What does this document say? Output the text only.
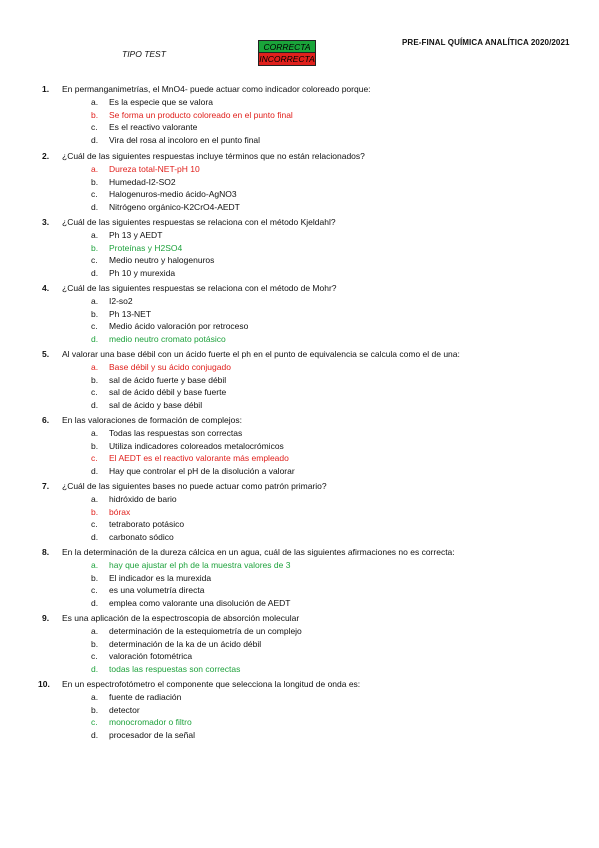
PRE-FINAL QUÍMICA ANALÍTICA 2020/2021
TIPO TEST
CORRECTA
INCORRECTA
1. En permanganimetrías, el MnO4- puede actuar como indicador coloreado porque:
a. Es la especie que se valora
b. Se forma un producto coloreado en el punto final
c. Es el reactivo valorante
d. Vira del rosa al incoloro en el punto final
2. ¿Cuál de las siguientes respuestas incluye términos que no están relacionados?
a. Dureza total-NET-pH 10
b. Humedad-I2-SO2
c. Halogenuros-medio ácido-AgNO3
d. Nitrógeno orgánico-K2CrO4-AEDT
3. ¿Cuál de las siguientes respuestas se relaciona con el método Kjeldahl?
a. Ph 13 y AEDT
b. Proteínas y H2SO4
c. Medio neutro y halogenuros
d. Ph 10 y murexida
4. ¿Cuál de las siguientes respuestas se relaciona con el método de Mohr?
a. I2-so2
b. Ph 13-NET
c. Medio ácido valoración por retroceso
d. medio neutro cromato potásico
5. Al valorar una base débil con un ácido fuerte el ph en el punto de equivalencia se calcula como el de una:
a. Base débil y su ácido conjugado
b. sal de ácido fuerte y base débil
c. sal de ácido débil y base fuerte
d. sal de ácido y base débil
6. En las valoraciones de formación de complejos:
a. Todas las respuestas son correctas
b. Utiliza indicadores coloreados metalocrómicos
c. El AEDT es el reactivo valorante más empleado
d. Hay que controlar el pH de la disolución a valorar
7. ¿Cuál de las siguientes bases no puede actuar como patrón primario?
a. hidróxido de bario
b. bórax
c. tetraborato potásico
d. carbonato sódico
8. En la determinación de la dureza cálcica en un agua, cuál de las siguientes afirmaciones no es correcta:
a. hay que ajustar el ph de la muestra valores de 3
b. El indicador es la murexida
c. es una volumetría directa
d. emplea como valorante una disolución de AEDT
9. Es una aplicación de la espectroscopia de absorción molecular
a. determinación de la estequiometría de un complejo
b. determinación de la ka de un ácido débil
c. valoración fotométrica
d. todas las respuestas son correctas
10. En un espectrofotómetro el componente que selecciona la longitud de onda es:
a. fuente de radiación
b. detector
c. monocromador o filtro
d. procesador de la señal
